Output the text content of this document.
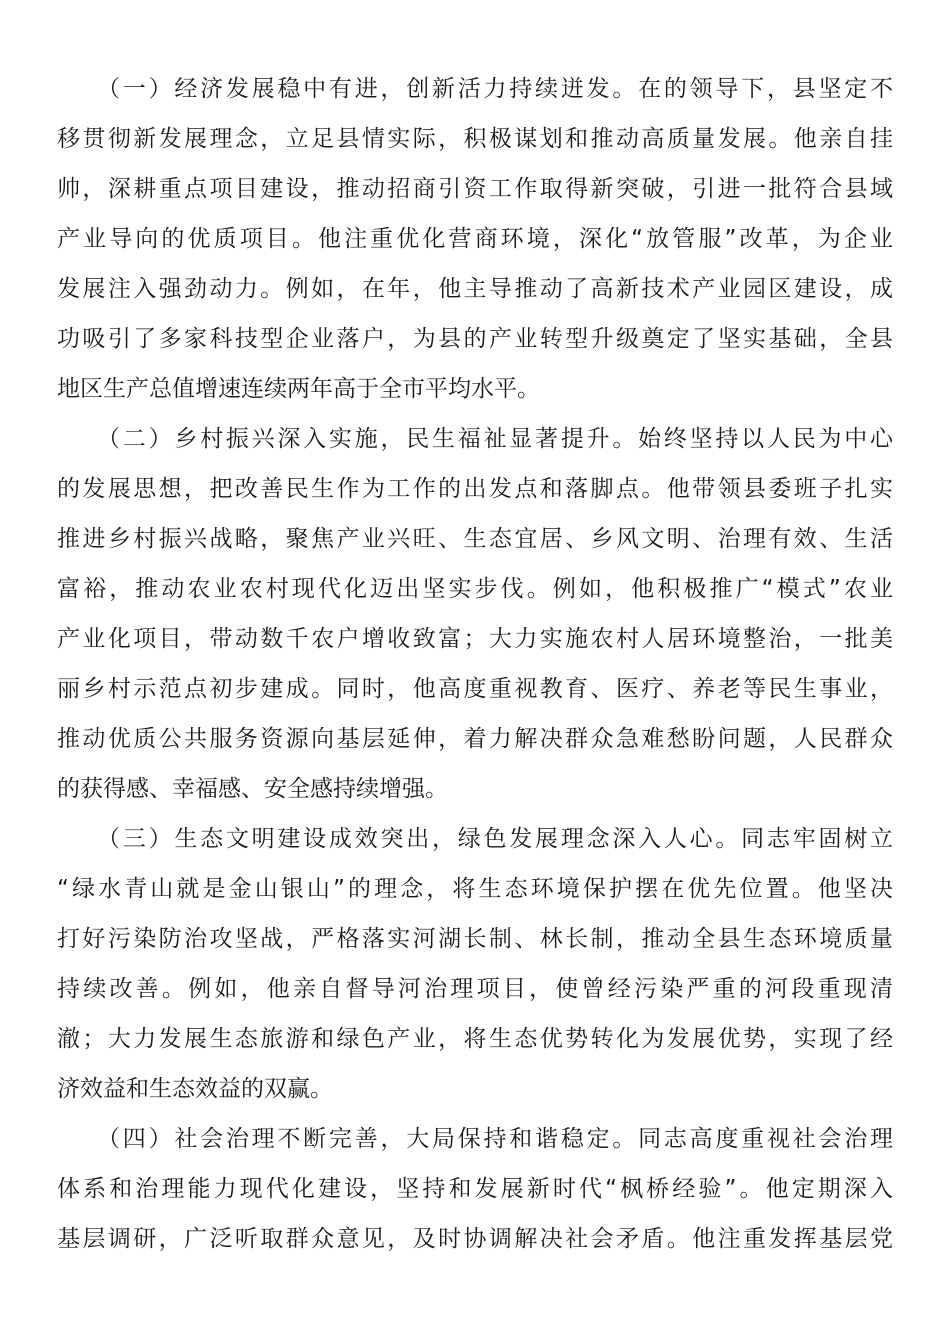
　　（一）经济发展稳中有进，创新活力持续迸发。在的领导下，县坚定不
移贯彻新发展理念，立足县情实际，积极谋划和推动高质量发展。他亲自挂
帅，深耕重点项目建设，推动招商引资工作取得新突破，引进一批符合县域
产业导向的优质项目。他注重优化营商环境，深化“放管服”改革，为企业
发展注入强劲动力。例如，在年，他主导推动了高新技术产业园区建设，成
功吸引了多家科技型企业落户，为县的产业转型升级奠定了坚实基础，全县
地区生产总值增速连续两年高于全市平均水平。
　　（二）乡村振兴深入实施，民生福祉显著提升。始终坚持以人民为中心
的发展思想，把改善民生作为工作的出发点和落脚点。他带领县委班子扎实
推进乡村振兴战略，聚焦产业兴旺、生态宜居、乡风文明、治理有效、生活
富裕，推动农业农村现代化迈出坚实步伐。例如，他积极推广“模式”农业
产业化项目，带动数千农户增收致富；大力实施农村人居环境整治，一批美
丽乡村示范点初步建成。同时，他高度重视教育、医疗、养老等民生事业，
推动优质公共服务资源向基层延伸，着力解决群众急难愁盼问题，人民群众
的获得感、幸福感、安全感持续增强。
　　（三）生态文明建设成效突出，绿色发展理念深入人心。同志牢固树立
“绿水青山就是金山银山”的理念，将生态环境保护摆在优先位置。他坚决
打好污染防治攻坚战，严格落实河湖长制、林长制，推动全县生态环境质量
持续改善。例如，他亲自督导河治理项目，使曾经污染严重的河段重现清
澈；大力发展生态旅游和绿色产业，将生态优势转化为发展优势，实现了经
济效益和生态效益的双赢。
　　（四）社会治理不断完善，大局保持和谐稳定。同志高度重视社会治理
体系和治理能力现代化建设，坚持和发展新时代“枫桥经验”。他定期深入
基层调研，广泛听取群众意见，及时协调解决社会矛盾。他注重发挥基层党
